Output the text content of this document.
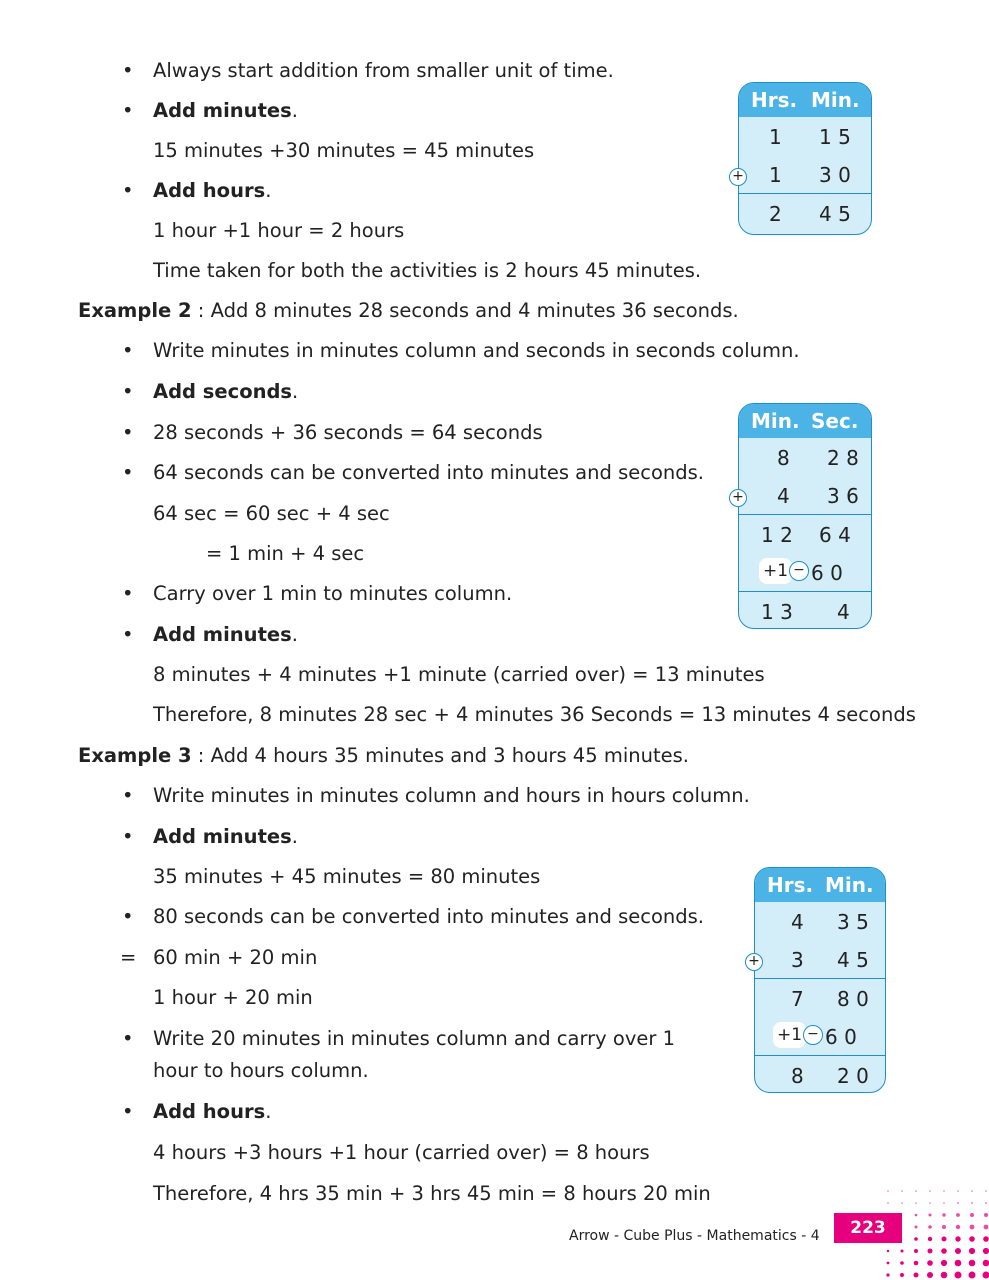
• Always start addition from smaller unit of time.
• Add minutes.
15 minutes +30 minutes = 45 minutes
• Add hours.
1 hour +1 hour = 2 hours
Time taken for both the activities is 2 hours 45 minutes.
Hrs. Min.
1 1 5
1 3 0
2 4 5
+
Example 2 : Add 8 minutes 28 seconds and 4 minutes 36 seconds.
• Write minutes in minutes column and seconds in seconds column.
• Add seconds.
• 28 seconds + 36 seconds = 64 seconds
• 64 seconds can be converted into minutes and seconds.
64 sec = 60 sec + 4 sec
= 1 min + 4 sec
• Carry over 1 min to minutes column.
• Add minutes.
8 minutes + 4 minutes +1 minute (carried over) = 13 minutes
Therefore, 8 minutes 28 sec + 4 minutes 36 Seconds = 13 minutes 4 seconds
Min. Sec.
8 2 8
4 3 6
1 2 6 4
+1 − 6 0
1 3 4
+
Example 3 : Add 4 hours 35 minutes and 3 hours 45 minutes.
• Write minutes in minutes column and hours in hours column.
• Add minutes.
35 minutes + 45 minutes = 80 minutes
• 80 seconds can be converted into minutes and seconds.
= 60 min + 20 min
1 hour + 20 min
• Write 20 minutes in minutes column and carry over 1
hour to hours column.
• Add hours.
4 hours +3 hours +1 hour (carried over) = 8 hours
Therefore, 4 hrs 35 min + 3 hrs 45 min = 8 hours 20 min
Hrs. Min.
4 3 5
3 4 5
7 8 0
+1 − 6 0
8 2 0
+
Arrow - Cube Plus - Mathematics - 4	223
